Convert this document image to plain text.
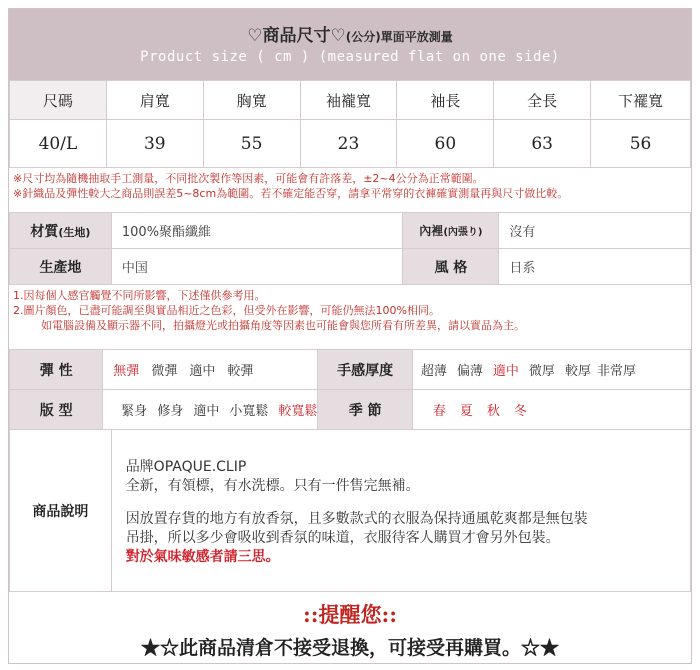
♡商品尺寸♡(公分)單面平放測量
Product size ( cm ) (measured flat on one side)
尺碼	肩寬	胸寬	袖襱寬	袖長	全長	下襬寬
40/L	39	55	23	60	63	56
※尺寸均為隨機抽取手工測量，不同批次製作等因素，可能會有許落差，±2~4公分為正常範圍。
※針織品及彈性較大之商品則誤差5~8cm為範圍。若不確定能否穿，請拿平常穿的衣褲確實測量再與尺寸做比較。
材質(生地)	100%聚酯纖維	內裡(內張り)	沒有
生產地	中国	風 格	日系
1.因每個人感官觸覺不同所影響，下述僅供參考用。
2.圖片顏色，已盡可能調至與實品相近之色彩，但受外在影響，可能仍無法100%相同。
如電腦設備及顯示器不同，拍攝燈光或拍攝角度等因素也可能會與您所看有所差異，請以實品為主。
彈 性	無彈 微彈 適中 較彈	手感厚度	超薄 偏薄 適中 微厚 較厚 非常厚
版 型	緊身 修身 適中 小寬鬆 較寬鬆	季 節	春 夏 秋 冬
商品說明	
品牌OPAQUE.CLIP
全新，有領標，有水洗標。只有一件售完無補。
因放置存貨的地方有放香氛，且多數款式的衣服為保持通風乾爽都是無包裝
吊掛，所以多少會吸收到香氛的味道，衣服待客人購買才會另外包裝。
對於氣味敏感者請三思。
::提醒您::
★☆此商品清倉不接受退換，可接受再購買。☆★
